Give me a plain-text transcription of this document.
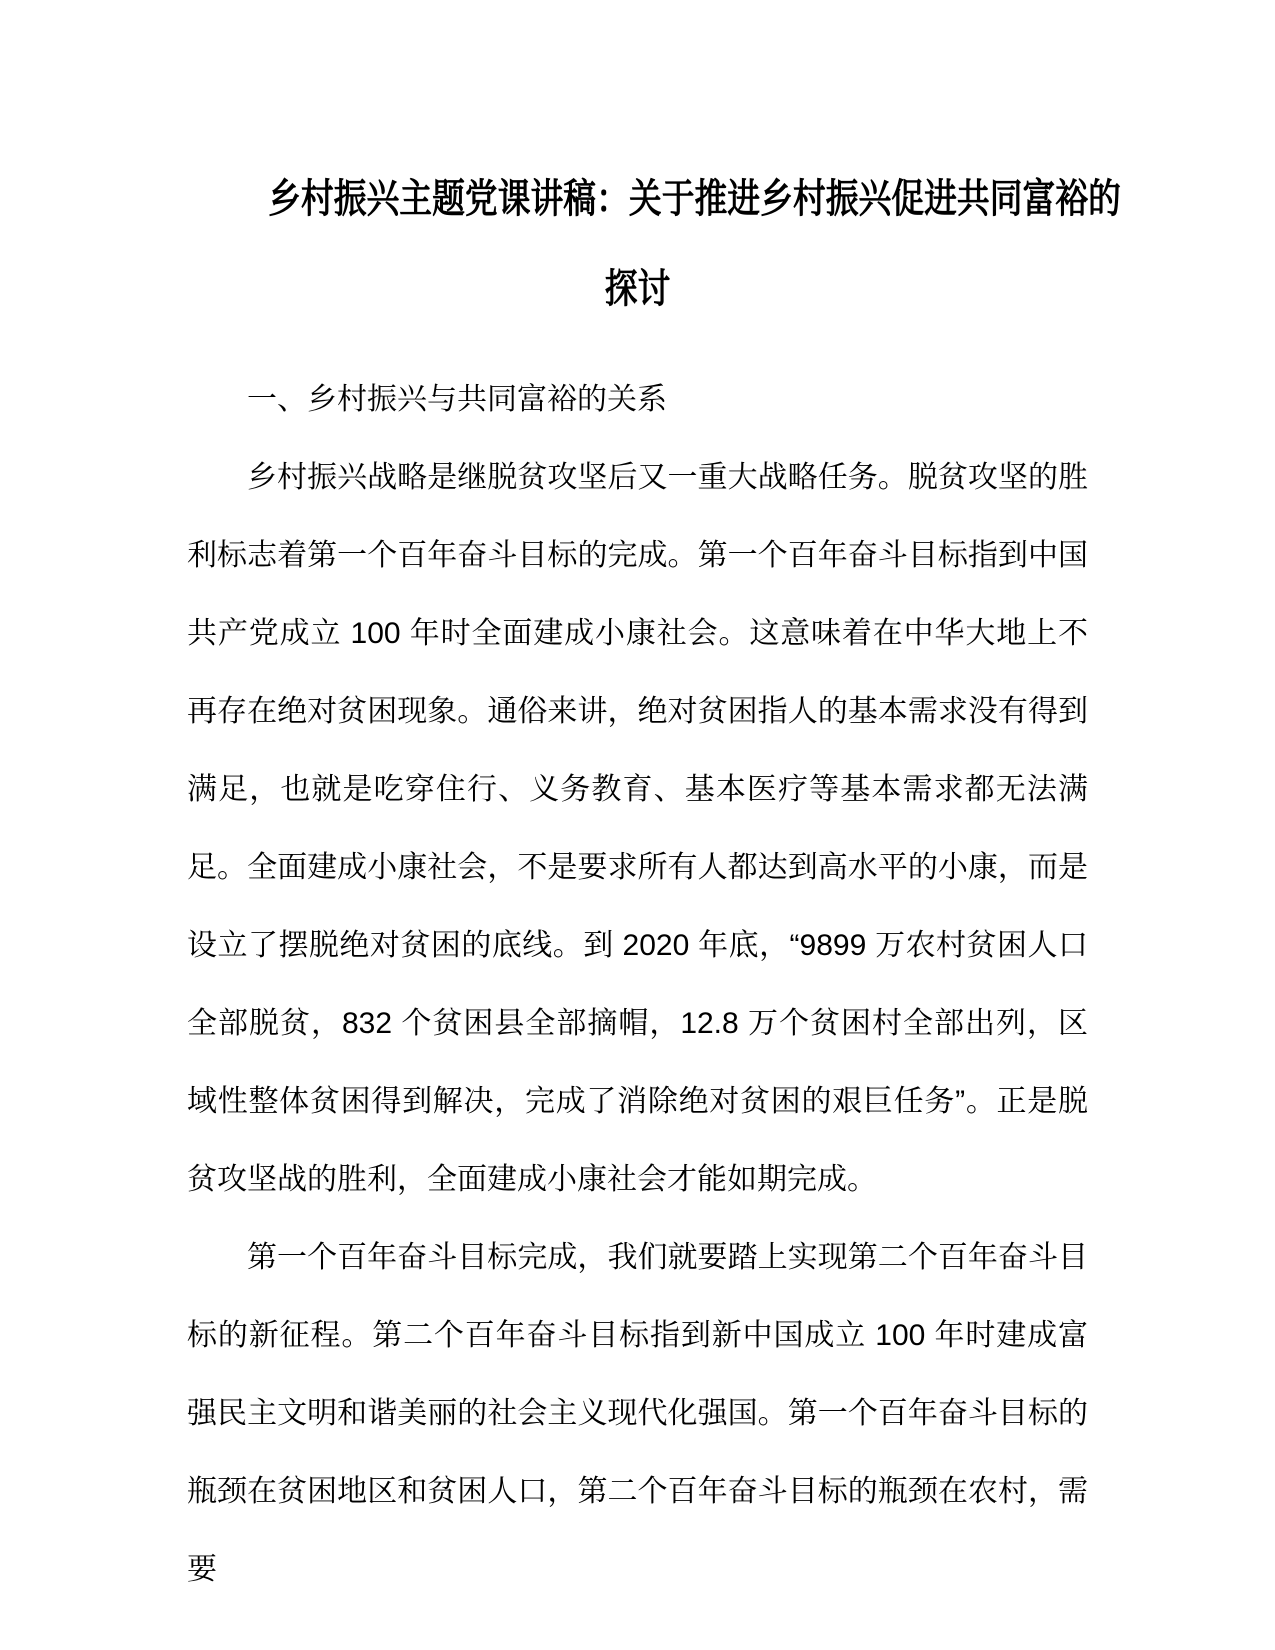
乡村振兴主题党课讲稿：关于推进乡村振兴促进共同富裕的
探讨

一、乡村振兴与共同富裕的关系

乡村振兴战略是继脱贫攻坚后又一重大战略任务。脱贫攻坚的胜利标志着第一个百年奋斗目标的完成。第一个百年奋斗目标指到中国共产党成立 100 年时全面建成小康社会。这意味着在中华大地上不再存在绝对贫困现象。通俗来讲，绝对贫困指人的基本需求没有得到满足，也就是吃穿住行、义务教育、基本医疗等基本需求都无法满足。全面建成小康社会，不是要求所有人都达到高水平的小康，而是设立了摆脱绝对贫困的底线。到 2020 年底，“9899 万农村贫困人口全部脱贫，832 个贫困县全部摘帽，12.8 万个贫困村全部出列，区域性整体贫困得到解决，完成了消除绝对贫困的艰巨任务”。正是脱贫攻坚战的胜利，全面建成小康社会才能如期完成。

第一个百年奋斗目标完成，我们就要踏上实现第二个百年奋斗目标的新征程。第二个百年奋斗目标指到新中国成立 100 年时建成富强民主文明和谐美丽的社会主义现代化强国。第一个百年奋斗目标的瓶颈在贫困地区和贫困人口，第二个百年奋斗目标的瓶颈在农村，需要
